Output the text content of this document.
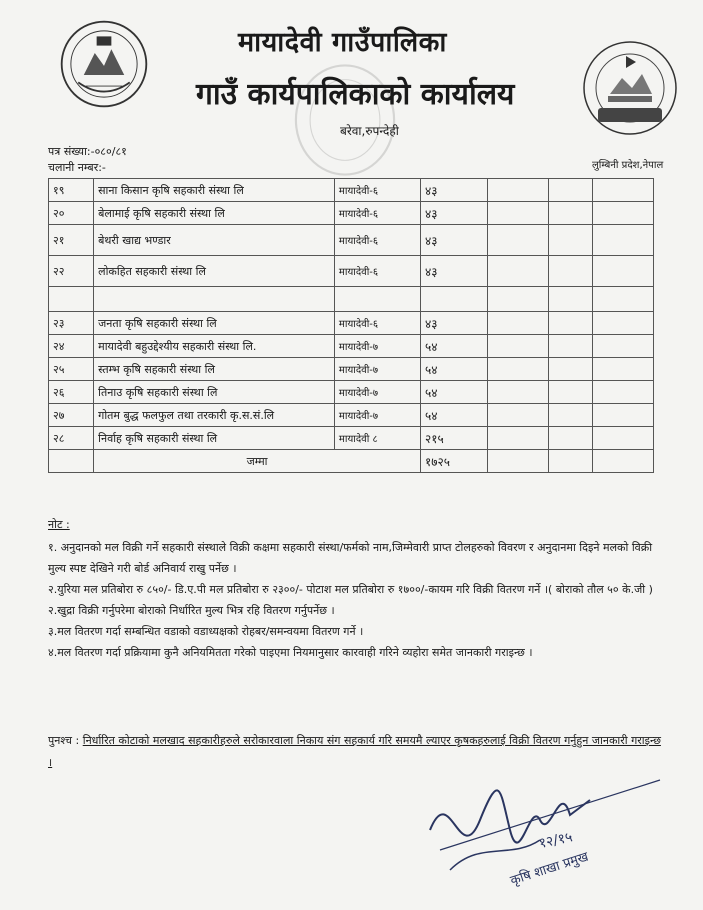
मायादेवी गाउँपालिका
गाउँ कार्यपालिकाको कार्यालय
बरेवा,रुपन्देही
पत्र संख्या:-०८०/८१
चलानी नम्बर:-	लुम्बिनी प्रदेश,नेपाल
१९	साना किसान कृषि सहकारी संस्था लि	मायादेवी-६	४३			
२०	बेलामाई कृषि सहकारी संस्था लि	मायादेवी-६	४३			
२१	बेथरी खाद्य भण्डार	मायादेवी-६	४३			
२२	लोकहित सहकारी संस्था लि	मायादेवी-६	४३			

२३	जनता कृषि सहकारी संस्था लि	मायादेवी-६	४३			
२४	मायादेवी बहुउद्देश्यीय सहकारी संस्था लि.	मायादेवी-७	५४			
२५	स्तम्भ कृषि सहकारी संस्था लि	मायादेवी-७	५४			
२६	तिनाउ कृषि सहकारी संस्था लि	मायादेवी-७	५४			
२७	गोतम बुद्ध फलफुल तथा तरकारी कृ.स.सं.लि	मायादेवी-७	५४			
२८	निर्वाह कृषि सहकारी संस्था लि	मायादेवी ८	२१५			
	जम्मा		१७२५			

नोट :

१. अनुदानको मल विक्री गर्ने सहकारी संस्थाले विक्री कक्षमा सहकारी संस्था/फर्मको नाम,जिम्मेवारी प्राप्त टोलहरुको विवरण र अनुदानमा दिइने मलको विक्री मुल्य स्पष्ट देखिने गरी बोर्ड अनिवार्य राखु पर्नेछ ।

२.युरिया मल प्रतिबोरा रु ८५०/- डि.ए.पी मल प्रतिबोरा रु २३००/- पोटाश मल प्रतिबोरा रु १७००/-कायम गरि विक्री वितरण गर्ने ।( बोराको तौल ५० के.जी )

२.खुद्रा विक्री गर्नुपरेमा बोराको निर्धारित मुल्य भित्र रहि वितरण गर्नुपर्नेछ ।

३.मल वितरण गर्दा सम्बन्धित वडाको वडाध्यक्षको रोहबर/समन्वयमा वितरण गर्ने ।

४.मल वितरण गर्दा प्रक्रियामा कुनै अनियमितता गरेको पाइएमा नियमानुसार कारवाही गरिने व्यहोरा समेत जानकारी गराइन्छ ।

पुनश्च : निर्धारित कोटाको मलखाद सहकारीहरुले सरोकारवाला निकाय संग सहकार्य गरि समयमै ल्याएर कृषकहरुलाई विक्री वितरण गर्नुहुन जानकारी गराइन्छ ।
१२/१५
कृषि शाखा प्रमुख
